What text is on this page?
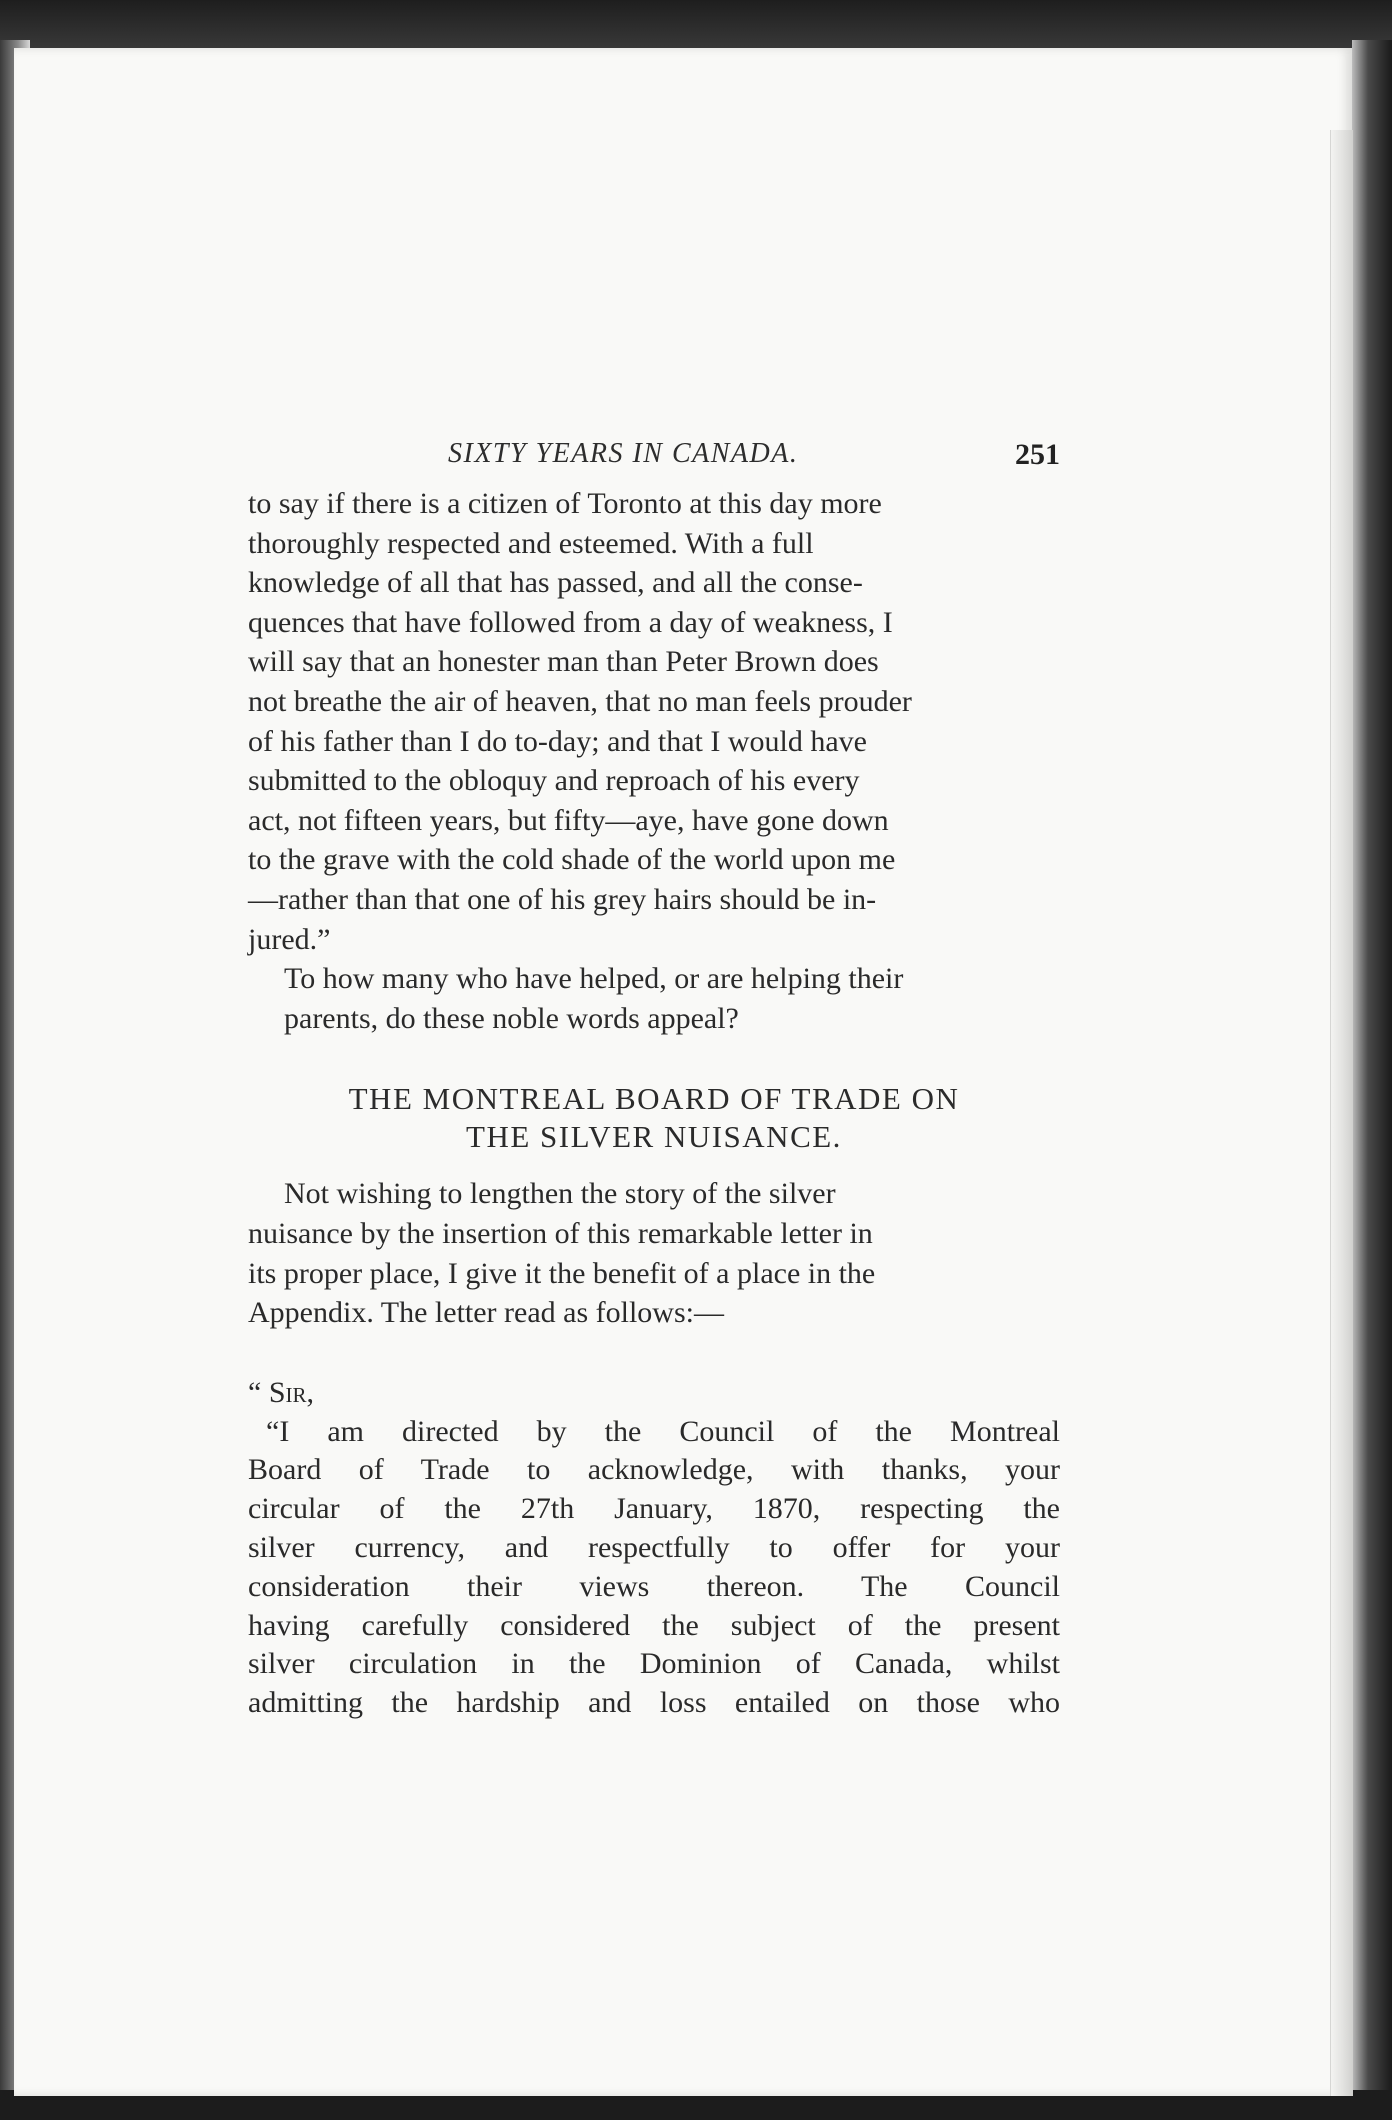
SIXTY YEARS IN CANADA.	251

to say if there is a citizen of Toronto at this day more
thoroughly respected and esteemed. With a full
knowledge of all that has passed, and all the conse-
quences that have followed from a day of weakness, I
will say that an honester man than Peter Brown does
not breathe the air of heaven, that no man feels prouder
of his father than I do to-day; and that I would have
submitted to the obloquy and reproach of his every
act, not fifteen years, but fifty—aye, have gone down
to the grave with the cold shade of the world upon me
—rather than that one of his grey hairs should be in-
jured.”

To how many who have helped, or are helping their
parents, do these noble words appeal?

THE MONTREAL BOARD OF TRADE ON
THE SILVER NUISANCE.

Not wishing to lengthen the story of the silver
nuisance by the insertion of this remarkable letter in
its proper place, I give it the benefit of a place in the
Appendix. The letter read as follows:—

“ Sir,

“I am directed by the Council of the Montreal
Board of Trade to acknowledge, with thanks, your
circular of the 27th January, 1870, respecting the
silver currency, and respectfully to offer for your
consideration their views thereon. The Council
having carefully considered the subject of the present
silver circulation in the Dominion of Canada, whilst
admitting the hardship and loss entailed on those who
